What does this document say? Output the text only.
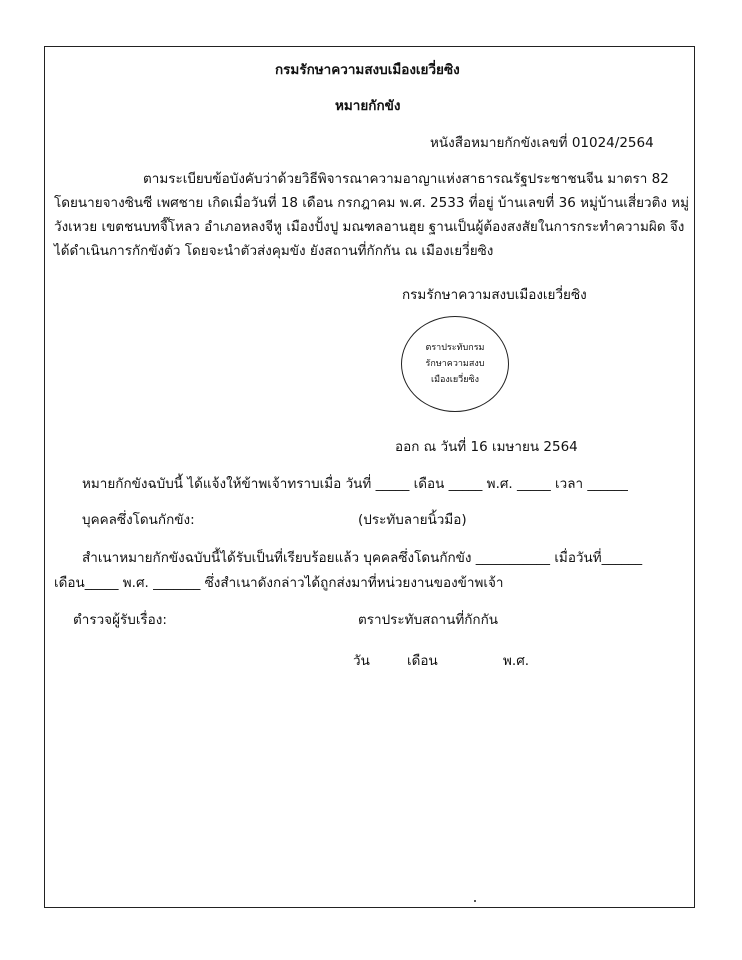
กรมรักษาความสงบเมืองเยวี่ยซิง
หมายกักขัง
หนังสือหมายกักขังเลขที่ 01024/2564
ตามระเบียบข้อบังคับว่าด้วยวิธีพิจารณาความอาญาแห่งสาธารณรัฐประชาชนจีน มาตรา 82
โดยนายจางซินซี เพศชาย เกิดเมื่อวันที่ 18 เดือน กรกฎาคม พ.ศ. 2533 ที่อยู่ บ้านเลขที่ 36 หมู่บ้านเสี่ยวติง หมู่
วังเหวย เขตชนบทจี๊โหลว อำเภอหลงจีหู เมืองปั้งปู มณฑลอานฮุย ฐานเป็นผู้ต้องสงสัยในการกระทำความผิด จึง
ได้ดำเนินการกักขังตัว โดยจะนำตัวส่งคุมขัง ยังสถานที่กักกัน ณ เมืองเยวี่ยซิง
กรมรักษาความสงบเมืองเยวี่ยซิง
ตราประทับกรม
รักษาความสงบ
เมืองเยวี่ยซิง
ออก ณ วันที่ 16 เมษายน 2564
หมายกักขังฉบับนี้ ได้แจ้งให้ข้าพเจ้าทราบเมื่อ วันที่ _____ เดือน _____ พ.ศ. _____ เวลา ______
บุคคลซึ่งโดนกักขัง:	(ประทับลายนิ้วมือ)
สำเนาหมายกักขังฉบับนี้ได้รับเป็นที่เรียบร้อยแล้ว บุคคลซึ่งโดนกักขัง ___________ เมื่อวันที่______
เดือน_____ พ.ศ. _______ ซึ่งสำเนาดังกล่าวได้ถูกส่งมาที่หน่วยงานของข้าพเจ้า
ตำรวจผู้รับเรื่อง:	ตราประทับสถานที่กักกัน
วัน	เดือน	พ.ศ.
